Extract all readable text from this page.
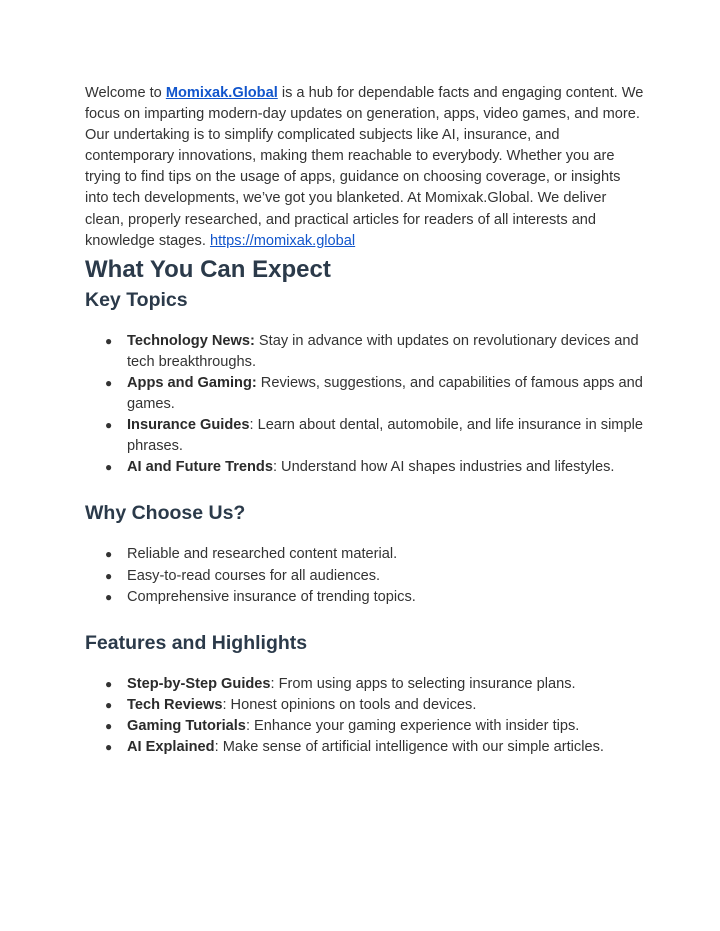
Welcome to Momixak.Global is a hub for dependable facts and engaging content. We focus on imparting modern-day updates on generation, apps, video games, and more. Our undertaking is to simplify complicated subjects like AI, insurance, and contemporary innovations, making them reachable to everybody. Whether you are trying to find tips on the usage of apps, guidance on choosing coverage, or insights into tech developments, we’ve got you blanketed. At Momixak.Global. We deliver clean, properly researched, and practical articles for readers of all interests and knowledge stages. https://momixak.global

What You Can Expect
Key Topics
● Technology News: Stay in advance with updates on revolutionary devices and tech breakthroughs.
● Apps and Gaming: Reviews, suggestions, and capabilities of famous apps and games.
● Insurance Guides: Learn about dental, automobile, and life insurance in simple phrases.
● AI and Future Trends: Understand how AI shapes industries and lifestyles.
Why Choose Us?
● Reliable and researched content material.
● Easy-to-read courses for all audiences.
● Comprehensive insurance of trending topics.
Features and Highlights
● Step-by-Step Guides: From using apps to selecting insurance plans.
● Tech Reviews: Honest opinions on tools and devices.
● Gaming Tutorials: Enhance your gaming experience with insider tips.
● AI Explained: Make sense of artificial intelligence with our simple articles.
